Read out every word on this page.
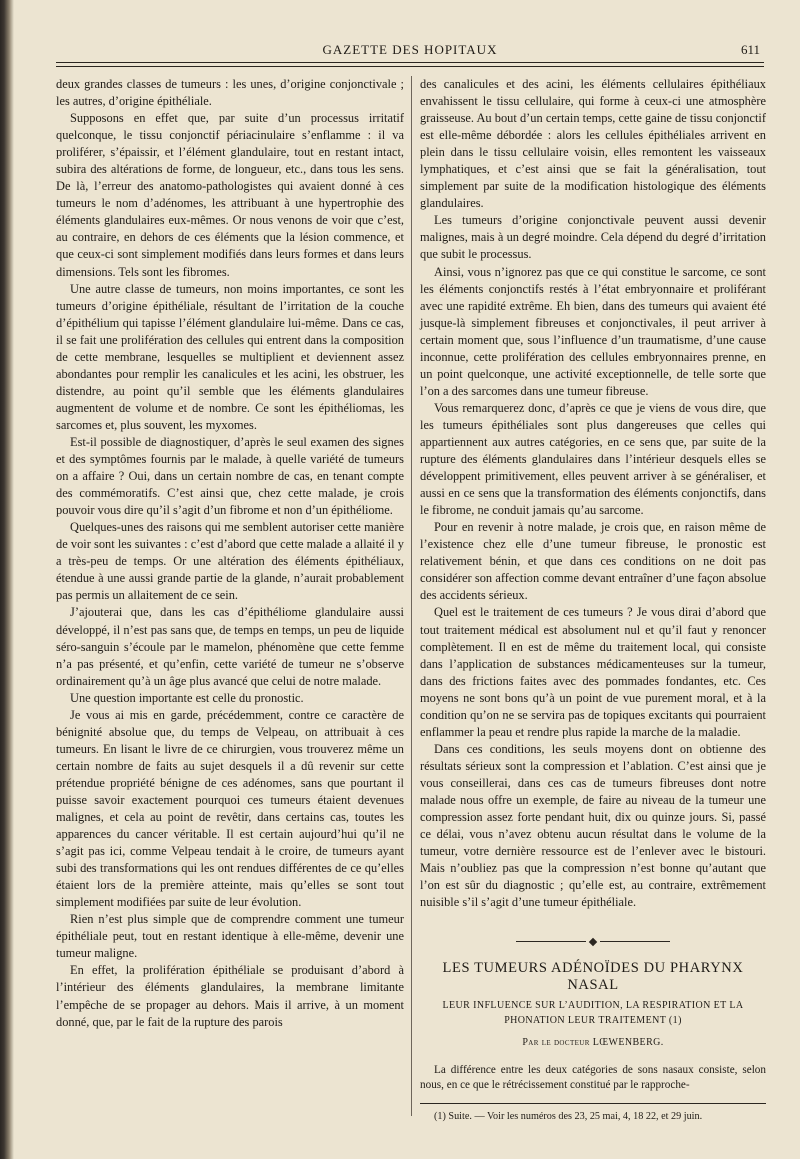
GAZETTE DES HOPITAUX	611

deux grandes classes de tumeurs : les unes, d’origine conjonctivale ; les autres, d’origine épithéliale.

Supposons en effet que, par suite d’un processus irritatif quelconque, le tissu conjonctif périacinulaire s’enflamme : il va proliférer, s’épaissir, et l’élément glandulaire, tout en restant intact, subira des altérations de forme, de longueur, etc., dans tous les sens. De là, l’erreur des anatomo-pathologistes qui avaient donné à ces tumeurs le nom d’adénomes, les attribuant à une hypertrophie des éléments glandulaires eux-mêmes. Or nous venons de voir que c’est, au contraire, en dehors de ces éléments que la lésion commence, et que ceux-ci sont simplement modifiés dans leurs formes et dans leurs dimensions. Tels sont les fibromes.

Une autre classe de tumeurs, non moins importantes, ce sont les tumeurs d’origine épithéliale, résultant de l’irritation de la couche d’épithélium qui tapisse l’élément glandulaire lui-même. Dans ce cas, il se fait une prolifération des cellules qui entrent dans la composition de cette membrane, lesquelles se multiplient et deviennent assez abondantes pour remplir les canalicules et les acini, les obstruer, les distendre, au point qu’il semble que les éléments glandulaires augmentent de volume et de nombre. Ce sont les épithéliomas, les sarcomes et, plus souvent, les myxomes.

Est-il possible de diagnostiquer, d’après le seul examen des signes et des symptômes fournis par le malade, à quelle variété de tumeurs on a affaire ? Oui, dans un certain nombre de cas, en tenant compte des commémoratifs. C’est ainsi que, chez cette malade, je crois pouvoir vous dire qu’il s’agit d’un fibrome et non d’un épithéliome.

Quelques-unes des raisons qui me semblent autoriser cette manière de voir sont les suivantes : c’est d’abord que cette malade a allaité il y a très-peu de temps. Or une altération des éléments épithéliaux, étendue à une aussi grande partie de la glande, n’aurait probablement pas permis un allaitement de ce sein.

J’ajouterai que, dans les cas d’épithéliome glandulaire aussi développé, il n’est pas sans que, de temps en temps, un peu de liquide séro-sanguin s’écoule par le mamelon, phénomène que cette femme n’a pas présenté, et qu’enfin, cette variété de tumeur ne s’observe ordinairement qu’à un âge plus avancé que celui de notre malade.

Une question importante est celle du pronostic.

Je vous ai mis en garde, précédemment, contre ce caractère de bénignité absolue que, du temps de Velpeau, on attribuait à ces tumeurs. En lisant le livre de ce chirurgien, vous trouverez même un certain nombre de faits au sujet desquels il a dû revenir sur cette prétendue propriété bénigne de ces adénomes, sans que pourtant il puisse savoir exactement pourquoi ces tumeurs étaient devenues malignes, et cela au point de revêtir, dans certains cas, toutes les apparences du cancer véritable. Il est certain aujourd’hui qu’il ne s’agit pas ici, comme Velpeau tendait à le croire, de tumeurs ayant subi des transformations qui les ont rendues différentes de ce qu’elles étaient lors de la première atteinte, mais qu’elles se sont tout simplement modifiées par suite de leur évolution.

Rien n’est plus simple que de comprendre comment une tumeur épithéliale peut, tout en restant identique à elle-même, devenir une tumeur maligne.

En effet, la prolifération épithéliale se produisant d’abord à l’intérieur des éléments glandulaires, la membrane limitante l’empêche de se propager au dehors. Mais il arrive, à un moment donné, que, par le fait de la rupture des parois

des canalicules et des acini, les éléments cellulaires épithéliaux envahissent le tissu cellulaire, qui forme à ceux-ci une atmosphère graisseuse. Au bout d’un certain temps, cette gaine de tissu conjonctif est elle-même débordée : alors les cellules épithéliales arrivent en plein dans le tissu cellulaire voisin, elles remontent les vaisseaux lymphatiques, et c’est ainsi que se fait la généralisation, tout simplement par suite de la modification histologique des éléments glandulaires.

Les tumeurs d’origine conjonctivale peuvent aussi devenir malignes, mais à un degré moindre. Cela dépend du degré d’irritation que subit le processus.

Ainsi, vous n’ignorez pas que ce qui constitue le sarcome, ce sont les éléments conjonctifs restés à l’état embryonnaire et proliférant avec une rapidité extrême. Eh bien, dans des tumeurs qui avaient été jusque-là simplement fibreuses et conjonctivales, il peut arriver à certain moment que, sous l’influence d’un traumatisme, d’une cause inconnue, cette prolifération des cellules embryonnaires prenne, en un point quelconque, une activité exceptionnelle, de telle sorte que l’on a des sarcomes dans une tumeur fibreuse.

Vous remarquerez donc, d’après ce que je viens de vous dire, que les tumeurs épithéliales sont plus dangereuses que celles qui appartiennent aux autres catégories, en ce sens que, par suite de la rupture des éléments glandulaires dans l’intérieur desquels elles se développent primitivement, elles peuvent arriver à se généraliser, et aussi en ce sens que la transformation des éléments conjonctifs, dans le fibrome, ne conduit jamais qu’au sarcome.

Pour en revenir à notre malade, je crois que, en raison même de l’existence chez elle d’une tumeur fibreuse, le pronostic est relativement bénin, et que dans ces conditions on ne doit pas considérer son affection comme devant entraîner d’une façon absolue des accidents sérieux.

Quel est le traitement de ces tumeurs ? Je vous dirai d’abord que tout traitement médical est absolument nul et qu’il faut y renoncer complètement. Il en est de même du traitement local, qui consiste dans l’application de substances médicamenteuses sur la tumeur, dans des frictions faites avec des pommades fondantes, etc. Ces moyens ne sont bons qu’à un point de vue purement moral, et à la condition qu’on ne se servira pas de topiques excitants qui pourraient enflammer la peau et rendre plus rapide la marche de la maladie.

Dans ces conditions, les seuls moyens dont on obtienne des résultats sérieux sont la compression et l’ablation. C’est ainsi que je vous conseillerai, dans ces cas de tumeurs fibreuses dont notre malade nous offre un exemple, de faire au niveau de la tumeur une compression assez forte pendant huit, dix ou quinze jours. Si, passé ce délai, vous n’avez obtenu aucun résultat dans le volume de la tumeur, votre dernière ressource est de l’enlever avec le bistouri. Mais n’oubliez pas que la compression n’est bonne qu’autant que l’on est sûr du diagnostic ; qu’elle est, au contraire, extrêmement nuisible s’il s’agit d’une tumeur épithéliale.

LES TUMEURS ADÉNOÏDES DU PHARYNX NASAL
LEUR INFLUENCE SUR L’AUDITION, LA RESPIRATION ET LA PHONATION LEUR TRAITEMENT (1)
Par le docteur LŒWENBERG.

La différence entre les deux catégories de sons nasaux consiste, selon nous, en ce que le rétrécissement constitué par le rapproche-

(1) Suite. — Voir les numéros des 23, 25 mai, 4, 18 22, et 29 juin.
